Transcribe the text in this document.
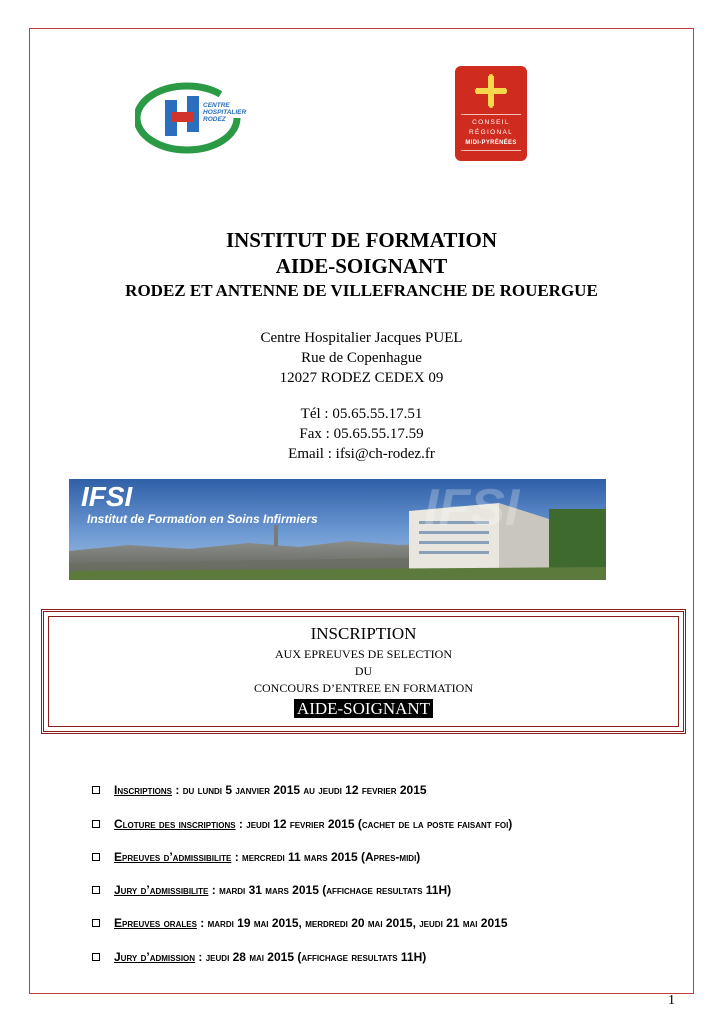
CENTRE
HOSPITALIER
RODEZ	CONSEIL
RÉGIONAL
MIDI-PYRÉNÉES
INSTITUT DE FORMATION
AIDE-SOIGNANT
RODEZ ET ANTENNE DE VILLEFRANCHE DE ROUERGUE
Centre Hospitalier Jacques PUEL
Rue de Copenhague
12027 RODEZ CEDEX 09
Tél : 05.65.55.17.51
Fax : 05.65.55.17.59
Email : ifsi@ch-rodez.fr
IFSI
IFSI
Institut de Formation en Soins Infirmiers
INSCRIPTION
AUX EPREUVES DE SELECTION
DU
CONCOURS D’ENTREE EN FORMATION
AIDE-SOIGNANT
Inscriptions : du lundi 5 janvier 2015 au jeudi 12 fevrier 2015
Cloture des inscriptions : jeudi 12 fevrier 2015 (cachet de la poste faisant foi)
Epreuves d’admissibilite : mercredi 11 mars 2015 (Apres-midi)
Jury d’admissibilite : mardi 31 mars 2015 (affichage resultats 11H)
Epreuves orales : mardi 19 mai 2015, merdredi 20 mai 2015, jeudi 21 mai 2015
Jury d’admission : jeudi 28 mai 2015 (affichage resultats 11H)
1
